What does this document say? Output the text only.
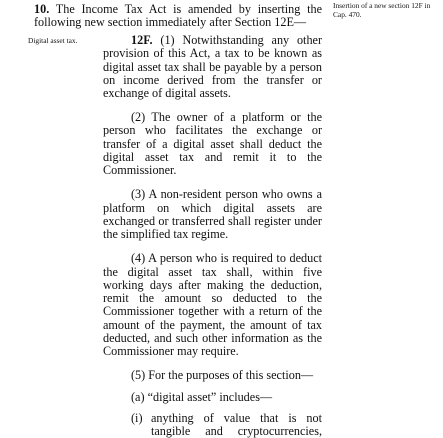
Insertion of a new section 12F in Cap. 470.
10. The Income Tax Act is amended by inserting the following new section immediately after Section 12E—
Digital asset tax.	12F. (1) Notwithstanding any other provision of this Act, a tax to be known as digital asset tax shall be payable by a person on income derived from the transfer or exchange of digital assets.

(2) The owner of a platform or the person who facilitates the exchange or transfer of a digital asset shall deduct the digital asset tax and remit it to the Commissioner.

(3) A non-resident person who owns a platform on which digital assets are exchanged or transferred shall register under the simplified tax regime.

(4) A person who is required to deduct the digital asset tax shall, within five working days after making the deduction, remit the amount so deducted to the Commissioner together with a return of the amount of the payment, the amount of tax deducted, and such other information as the Commissioner may require.

(5) For the purposes of this section—

(a) “digital asset” includes—

(i) anything of value that is not tangible and cryptocurrencies,
